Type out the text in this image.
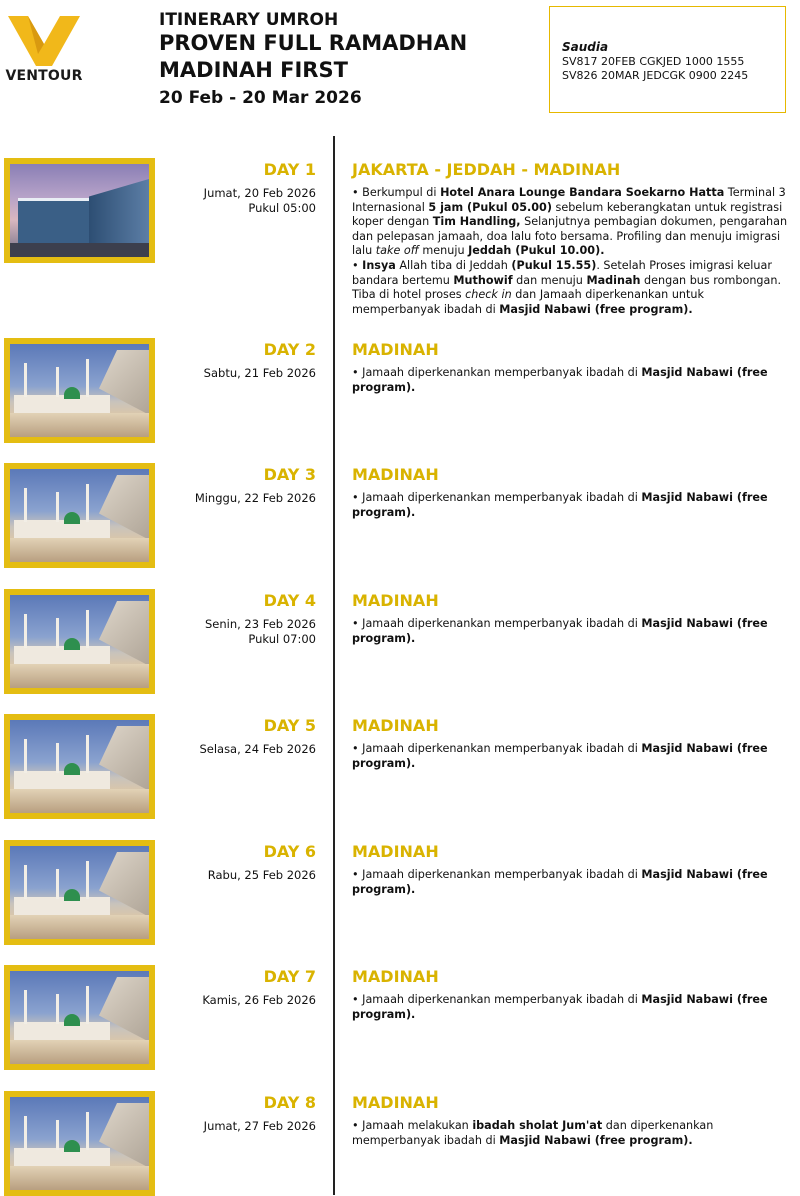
VENTOUR
ITINERARY UMROH
PROVEN FULL RAMADHAN
MADINAH FIRST
20 Feb - 20 Mar 2026
Saudia
SV817 20FEB CGKJED 1000 1555
SV826 20MAR JEDCGK 0900 2245
DAY 1
Jumat, 20 Feb 2026
Pukul 05:00
JAKARTA - JEDDAH - MADINAH

• Berkumpul di Hotel Anara Lounge Bandara Soekarno Hatta Terminal 3 Internasional 5 jam (Pukul 05.00) sebelum keberangkatan untuk registrasi koper dengan Tim Handling, Selanjutnya pembagian dokumen, pengarahan dan pelepasan jamaah, doa lalu foto bersama. Profiling dan menuju imigrasi lalu take off menuju Jeddah (Pukul 10.00).

• Insya Allah tiba di Jeddah (Pukul 15.55). Setelah Proses imigrasi keluar bandara bertemu Muthowif dan menuju Madinah dengan bus rombongan. Tiba di hotel proses check in dan Jamaah diperkenankan untuk memperbanyak ibadah di Masjid Nabawi (free program).

DAY 2
Sabtu, 21 Feb 2026
MADINAH

• Jamaah diperkenankan memperbanyak ibadah di Masjid Nabawi (free program).

DAY 3
Minggu, 22 Feb 2026
MADINAH

• Jamaah diperkenankan memperbanyak ibadah di Masjid Nabawi (free program).

DAY 4
Senin, 23 Feb 2026
Pukul 07:00
MADINAH

• Jamaah diperkenankan memperbanyak ibadah di Masjid Nabawi (free program).

DAY 5
Selasa, 24 Feb 2026
MADINAH

• Jamaah diperkenankan memperbanyak ibadah di Masjid Nabawi (free program).

DAY 6
Rabu, 25 Feb 2026
MADINAH

• Jamaah diperkenankan memperbanyak ibadah di Masjid Nabawi (free program).

DAY 7
Kamis, 26 Feb 2026
MADINAH

• Jamaah diperkenankan memperbanyak ibadah di Masjid Nabawi (free program).

DAY 8
Jumat, 27 Feb 2026
MADINAH

• Jamaah melakukan ibadah sholat Jum'at dan diperkenankan memperbanyak ibadah di Masjid Nabawi (free program).
